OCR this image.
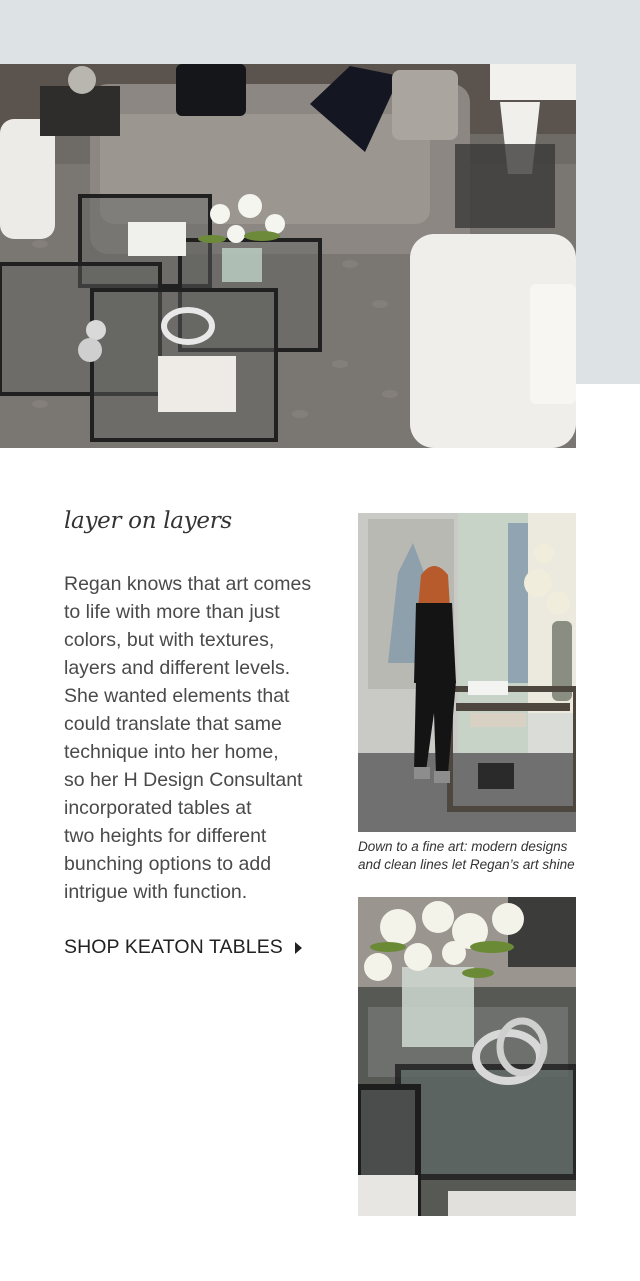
layer on layers

Regan knows that art comes
to life with more than just
colors, but with textures,
layers and different levels.
She wanted elements that
could translate that same
technique into her home,
so her H Design Consultant
incorporated tables at
two heights for different
bunching options to add
intrigue with function.

SHOP KEATON TABLES

Down to a fine art: modern designs
and clean lines let Regan’s art shine
